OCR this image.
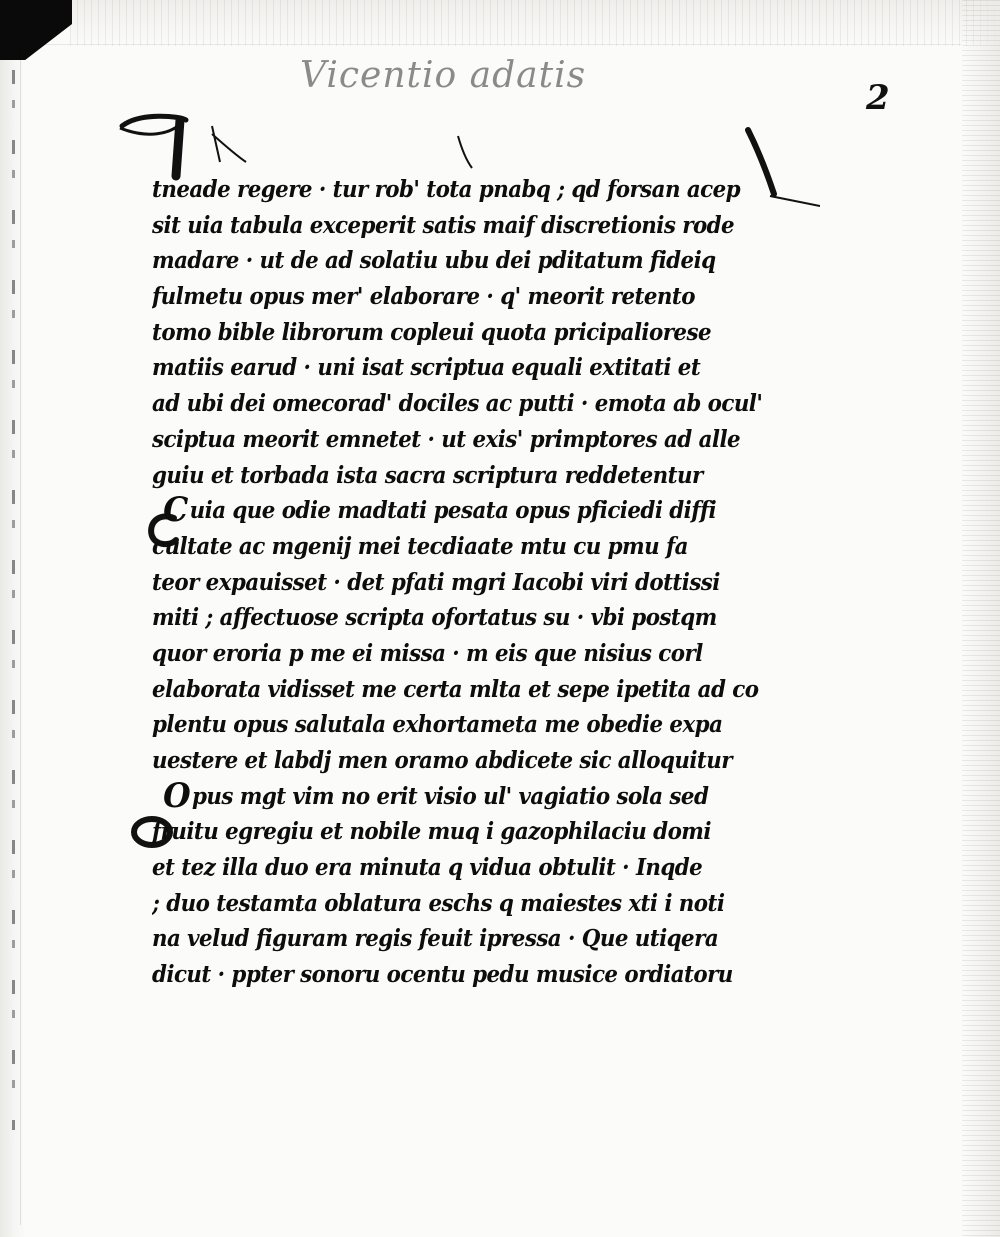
Vicentio adatis
2
tneade regere · tur rob' tota pnabq ; qd forsan acep
sit uia tabula exceperit satis maif discretionis rode
madare · ut de ad solatiu ubu dei pditatum fideiq
fulmetu opus mer' elaborare · q' meorit retento
tomo bible librorum copleui quota pricipaliorese
matiis earud · uni isat scriptua equali extitati et
ad ubi dei omecorad' dociles ac putti · emota ab ocul'
sciptua meorit emnetet · ut exis' primptores ad alle
guiu et torbada ista sacra scriptura reddetentur
Cuia que odie madtati pesata opus pficiedi diffi
cultate ac mgenij mei tecdiaate mtu cu pmu fa
teor expauisset · det pfati mgri Iacobi viri dottissi
miti ; affectuose scripta ofortatus su · vbi postqm
quor eroria p me ei missa · m eis que nisius corl
elaborata vidisset me certa mlta et sepe ipetita ad co
plentu opus salutala exhortameta me obedie expa
uestere et labdj men oramo abdicete sic alloquitur
Opus mgt vim no erit visio ul' vagiatio sola sed
fruitu egregiu et nobile muq i gazophilaciu domi
et tez illa duo era minuta q vidua obtulit · Inqde
; duo testamta oblatura eschs q maiestes xti i noti
na velud figuram regis feuit ipressa · Que utiqera
dicut · ppter sonoru ocentu pedu musice ordiatoru
